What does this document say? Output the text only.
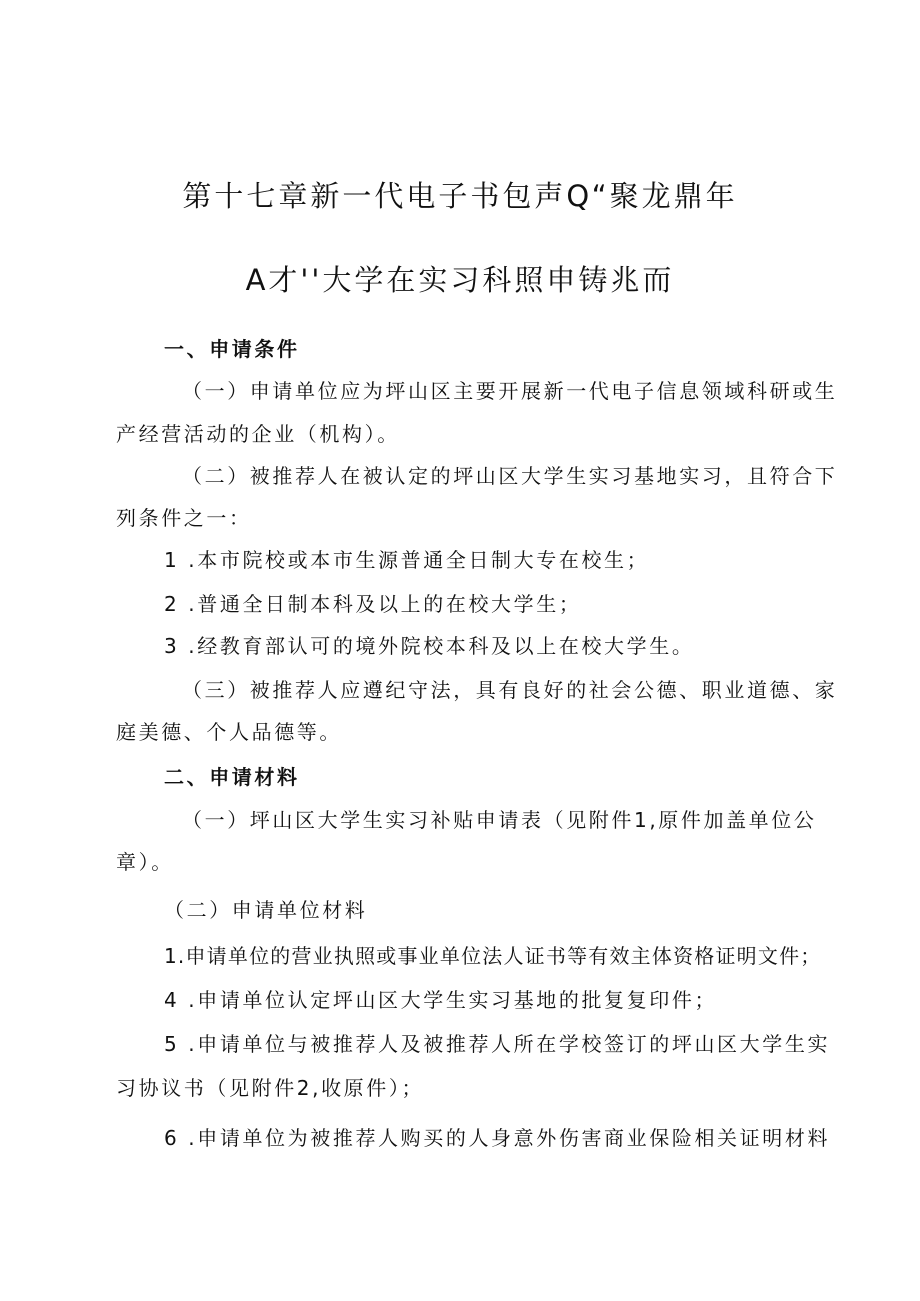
第十七章新一代电子书包声Q“聚龙鼎年
A才''大学在实习科照申铸兆而
一、申请条件
（一）申请单位应为坪山区主要开展新一代电子信息领域科研或生
产经营活动的企业（机构）。
（二）被推荐人在被认定的坪山区大学生实习基地实习，且符合下
列条件之一：
1 .本市院校或本市生源普通全日制大专在校生；
2 .普通全日制本科及以上的在校大学生；
3 .经教育部认可的境外院校本科及以上在校大学生。
（三）被推荐人应遵纪守法，具有良好的社会公德、职业道德、家
庭美德、个人品德等。
二、申请材料
（一）坪山区大学生实习补贴申请表（见附件1,原件加盖单位公
章）。
（二）申请单位材料
1.申请单位的营业执照或事业单位法人证书等有效主体资格证明文件；
4 .申请单位认定坪山区大学生实习基地的批复复印件；
5 .申请单位与被推荐人及被推荐人所在学校签订的坪山区大学生实
习协议书（见附件2,收原件）；
6 .申请单位为被推荐人购买的人身意外伤害商业保险相关证明材料
